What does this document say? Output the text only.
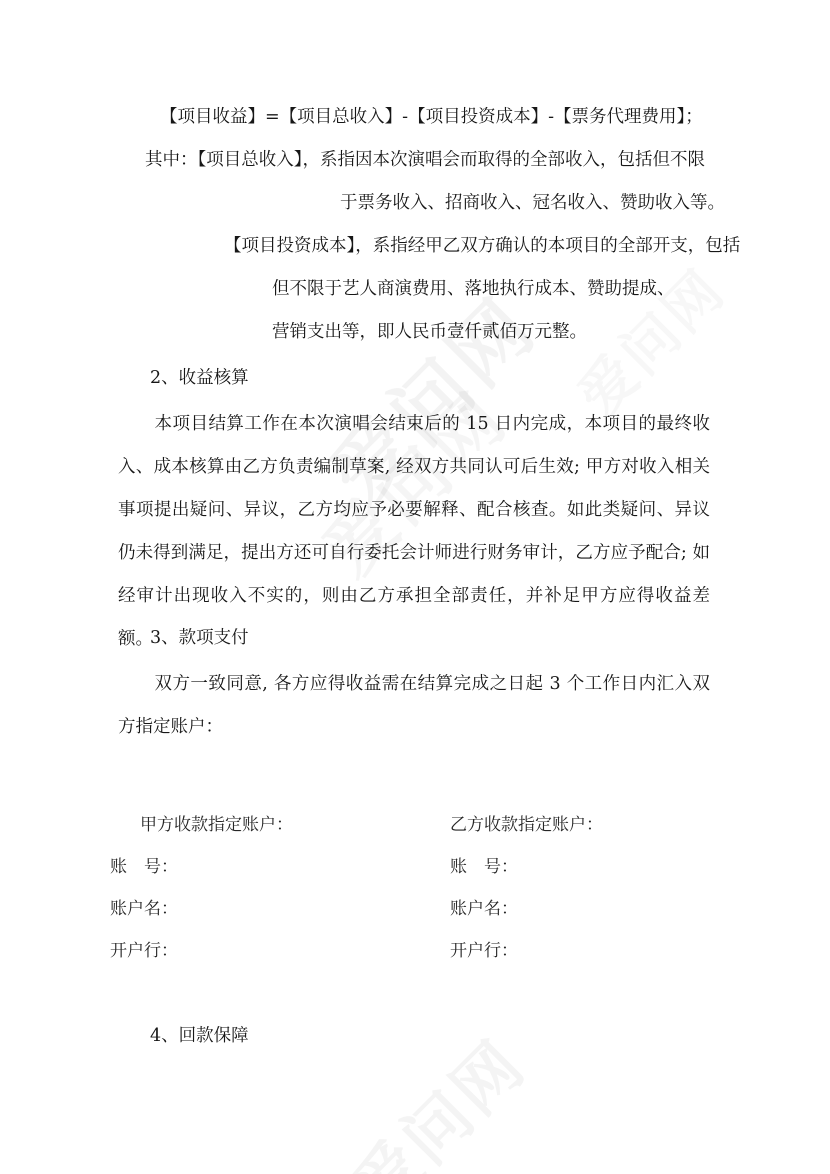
【项目收益】=【项目总收入】-【项目投资成本】-【票务代理费用】；
其中：【项目总收入】，系指因本次演唱会而取得的全部收入，包括但不限
于票务收入、招商收入、冠名收入、赞助收入等。
【项目投资成本】，系指经甲乙双方确认的本项目的全部开支，包括
但不限于艺人商演费用、落地执行成本、赞助提成、
营销支出等，即人民币壹仟贰佰万元整。
2、收益核算
本项目结算工作在本次演唱会结束后的 15 日内完成，本项目的最终收入、成本核算由乙方负责编制草案, 经双方共同认可后生效; 甲方对收入相关事项提出疑问、异议，乙方均应予必要解释、配合核查。如此类疑问、异议仍未得到满足，提出方还可自行委托会计师进行财务审计，乙方应予配合; 如经审计出现收入不实的，则由乙方承担全部责任，并补足甲方应得收益差额。
3、款项支付
双方一致同意, 各方应得收益需在结算完成之日起 3 个工作日内汇入双方指定账户：
甲方收款指定账户：	乙方收款指定账户：
账　号：	账　号：
账户名：	账户名：
开户行：	开户行：
4、回款保障
